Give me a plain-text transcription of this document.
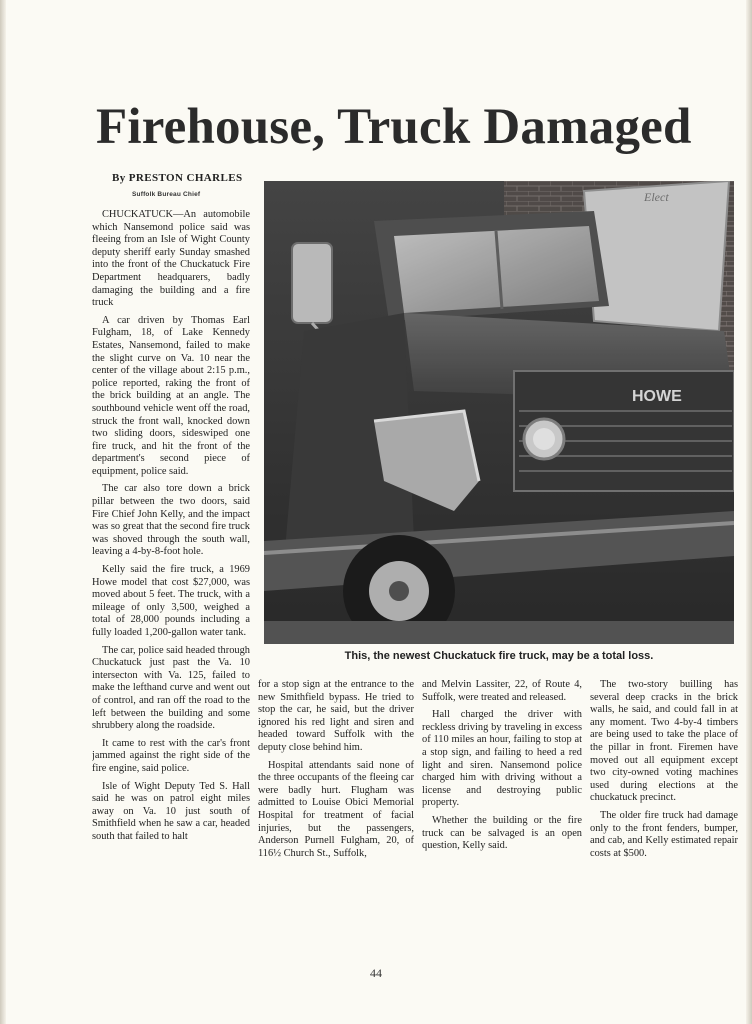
Firehouse, Truck Damaged
By PRESTON CHARLES
Suffolk Bureau Chief

CHUCKATUCK—An automobile which Nansemond police said was fleeing from an Isle of Wight County deputy sheriff early Sunday smashed into the front of the Chuckatuck Fire Department headquarers, badly damaging the building and a fire truck

A car driven by Thomas Earl Fulgham, 18, of Lake Kennedy Estates, Nansemond, failed to make the slight curve on Va. 10 near the center of the village about 2:15 p.m., police reported, raking the front of the brick building at an angle. The southbound vehicle went off the road, struck the front wall, knocked down two sliding doors, sideswiped one fire truck, and hit the front of the department's second piece of equipment, police said.

The car also tore down a brick pillar between the two doors, said Fire Chief John Kelly, and the impact was so great that the second fire truck was shoved through the south wall, leaving a 4-by-8-foot hole.

Kelly said the fire truck, a 1969 Howe model that cost $27,000, was moved about 5 feet. The truck, with a mileage of only 3,500, weighed a total of 28,000 pounds including a fully loaded 1,200-gallon water tank.

The car, police said headed through Chuckatuck just past the Va. 10 intersecton with Va. 125, failed to make the lefthand curve and went out of control, and ran off the road to the left between the building and some shrubbery along the roadside.

It came to rest with the car's front jammed against the right side of the fire engine, said police.

Isle of Wight Deputy Ted S. Hall said he was on patrol eight miles away on Va. 10 just south of Smithfield when he saw a car, headed south that failed to halt

HOWE
Elect
This, the newest Chuckatuck fire truck, may be a total loss.

for a stop sign at the entrance to the new Smithfield bypass. He tried to stop the car, he said, but the driver ignored his red light and siren and headed toward Suffolk with the deputy close behind him.

Hospital attendants said none of the three occupants of the fleeing car were badly hurt. Flugham was admitted to Louise Obici Memorial Hospital for treatment of facial injuries, but the passengers, Anderson Purnell Fulgham, 20, of 116½ Church St., Suffolk,

and Melvin Lassiter, 22, of Route 4, Suffolk, were treated and released.

Hall charged the driver with reckless driving by traveling in excess of 110 miles an hour, failing to stop at a stop sign, and failing to heed a red light and siren. Nansemond police charged him with driving without a license and destroying public property.

Whether the building or the fire truck can be salvaged is an open question, Kelly said.

The two-story builling has several deep cracks in the brick walls, he said, and could fall in at any moment. Two 4-by-4 timbers are being used to take the place of the pillar in front. Firemen have moved out all equipment except two city-owned voting machines used during elections at the chuckatuck precinct.

The older fire truck had damage only to the front fenders, bumper, and cab, and Kelly estimated repair costs at $500.

44
